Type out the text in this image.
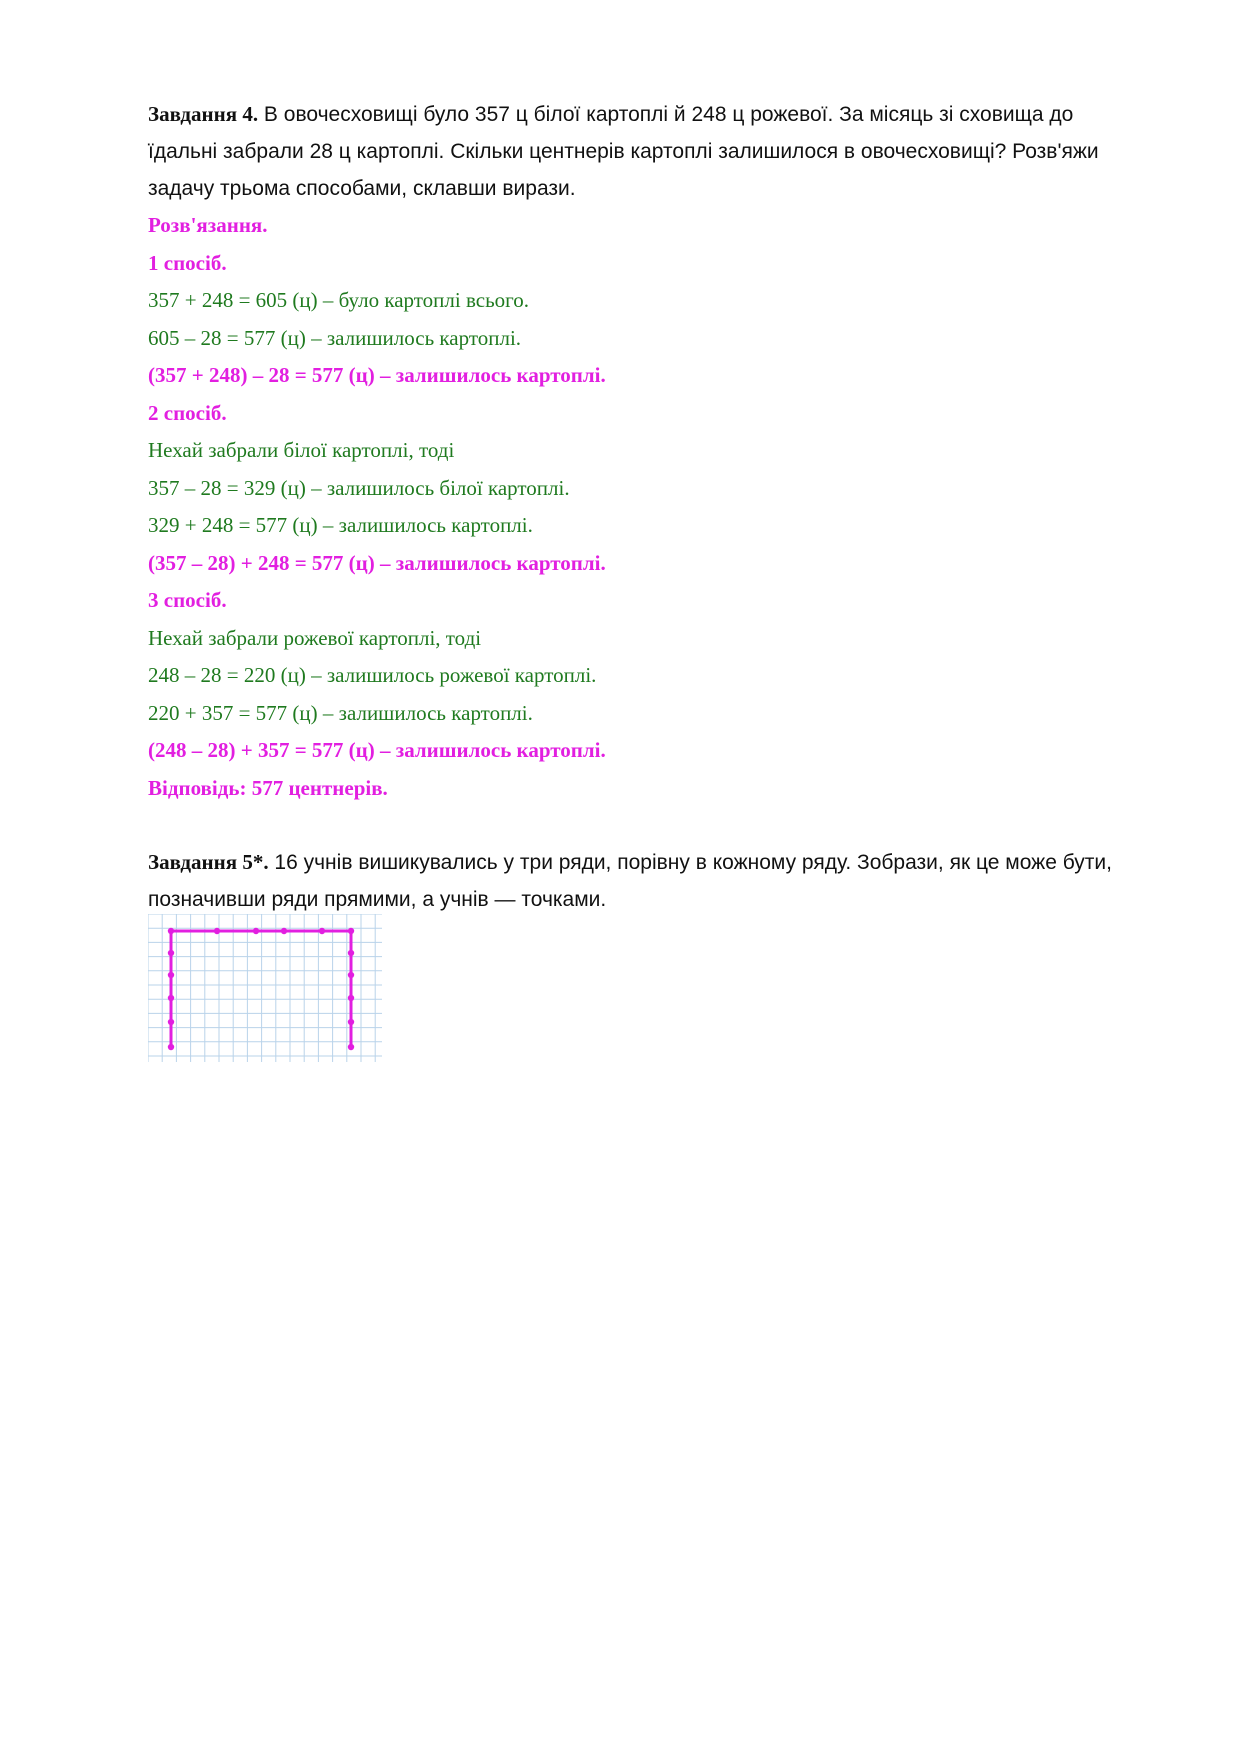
Завдання 4. В овочесховищі було 357 ц білої картоплі й 248 ц рожевої. За місяць зі сховища до їдальні забрали 28 ц картоплі. Скільки центнерів картоплі залишилося в овочесховищі? Розв'яжи задачу трьома способами, склавши вирази.

Розв'язання.

1 спосіб.

357 + 248 = 605 (ц) – було картоплі всього.

605 – 28 = 577 (ц) – залишилось картоплі.

(357 + 248) – 28 = 577 (ц) – залишилось картоплі.

2 спосіб.

Нехай забрали білої картоплі, тоді

357 – 28 = 329 (ц) – залишилось білої картоплі.

329 + 248 = 577 (ц) – залишилось картоплі.

(357 – 28) + 248 = 577 (ц) – залишилось картоплі.

3 спосіб.

Нехай забрали рожевої картоплі, тоді

248 – 28 = 220 (ц) – залишилось рожевої картоплі.

220 + 357 = 577 (ц) – залишилось картоплі.

(248 – 28) + 357 = 577 (ц) – залишилось картоплі.

Відповідь: 577 центнерів.

Завдання 5*. 16 учнів вишикувались у три ряди, порівну в кожному ряду. Зобрази, як це може бути, позначивши ряди прямими, а учнів — точками.
